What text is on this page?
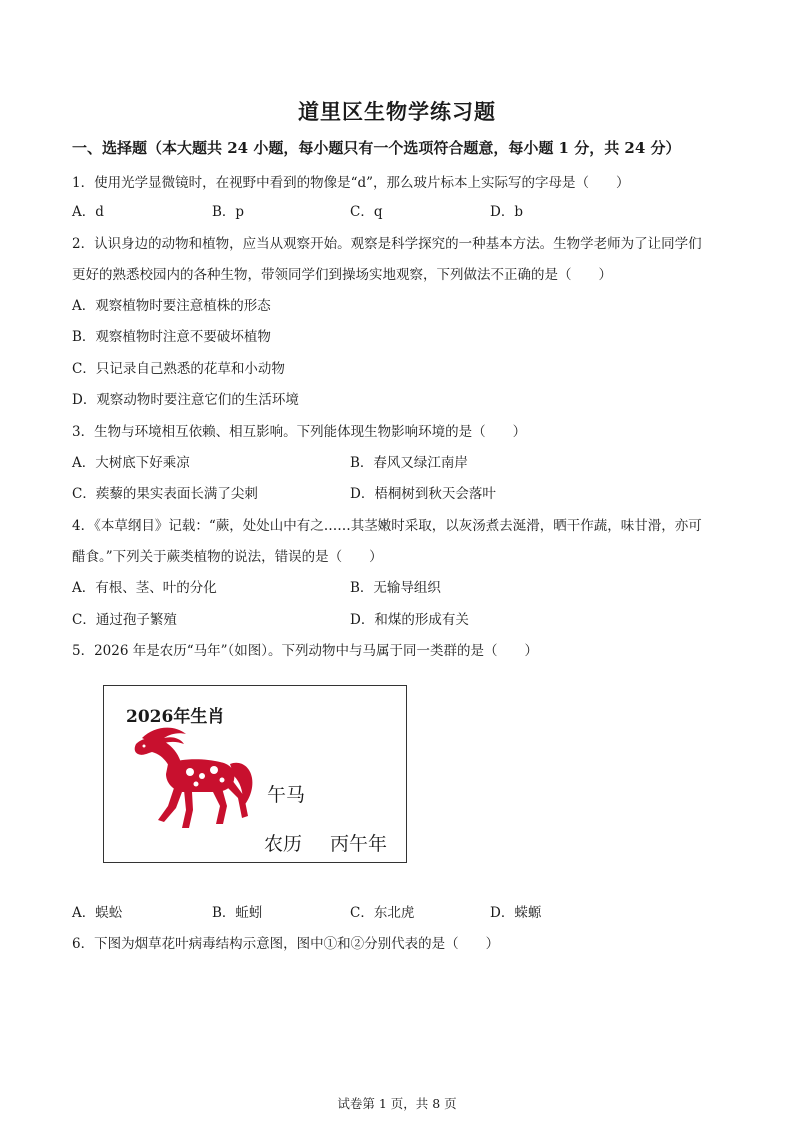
道里区生物学练习题
一、选择题（本大题共 24 小题，每小题只有一个选项符合题意，每小题 1 分，共 24 分）
1．使用光学显微镜时，在视野中看到的物像是“d”，那么玻片标本上实际写的字母是（　　）
A．d	B．p	C．q	D．b
2．认识身边的动物和植物，应当从观察开始。观察是科学探究的一种基本方法。生物学老师为了让同学们
更好的熟悉校园内的各种生物，带领同学们到操场实地观察，下列做法不正确的是（　　）
A．观察植物时要注意植株的形态
B．观察植物时注意不要破坏植物
C．只记录自己熟悉的花草和小动物
D．观察动物时要注意它们的生活环境
3．生物与环境相互依赖、相互影响。下列能体现生物影响环境的是（　　）
A．大树底下好乘凉	B．春风又绿江南岸
C．蒺藜的果实表面长满了尖刺	D．梧桐树到秋天会落叶
4．《本草纲目》记载：“蕨，处处山中有之……其茎嫩时采取，以灰汤煮去涎滑，晒干作蔬，味甘滑，亦可
醋食。”下列关于蕨类植物的说法，错误的是（　　）
A．有根、茎、叶的分化	B．无输导组织
C．通过孢子繁殖	D．和煤的形成有关
5．2026 年是农历“马年”（如图）。下列动物中与马属于同一类群的是（　　）
2026年生肖
午马
农历 丙午年
A．蜈蚣	B．蚯蚓	C．东北虎	D．蝾螈
6．下图为烟草花叶病毒结构示意图，图中①和②分别代表的是（　　）
试卷第 1 页，共 8 页
